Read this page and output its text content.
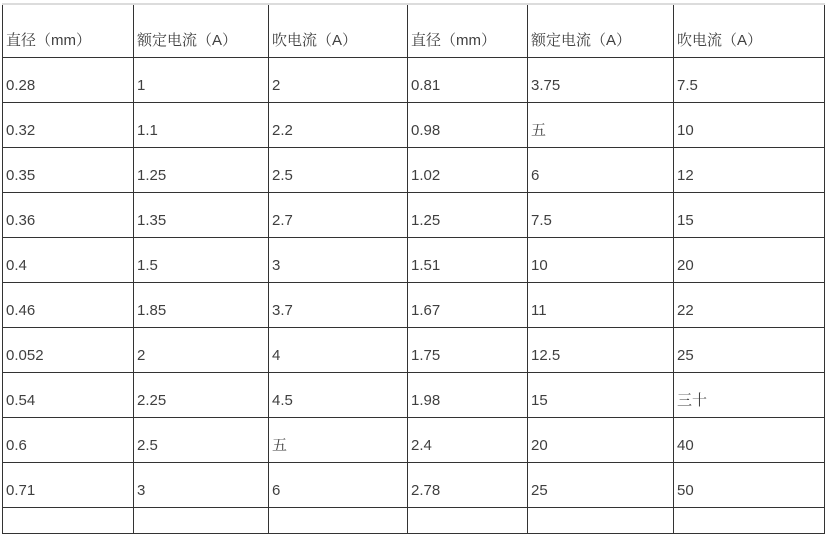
直径（mm）	额定电流（A）	吹电流（A）	直径（mm）	额定电流（A）	吹电流（A）
0.28	1	2	0.81	3.75	7.5
0.32	1.1	2.2	0.98	五	10
0.35	1.25	2.5	1.02	6	12
0.36	1.35	2.7	1.25	7.5	15
0.4	1.5	3	1.51	10	20
0.46	1.85	3.7	1.67	11	22
0.052	2	4	1.75	12.5	25
0.54	2.25	4.5	1.98	15	三十
0.6	2.5	五	2.4	20	40
0.71	3	6	2.78	25	50
